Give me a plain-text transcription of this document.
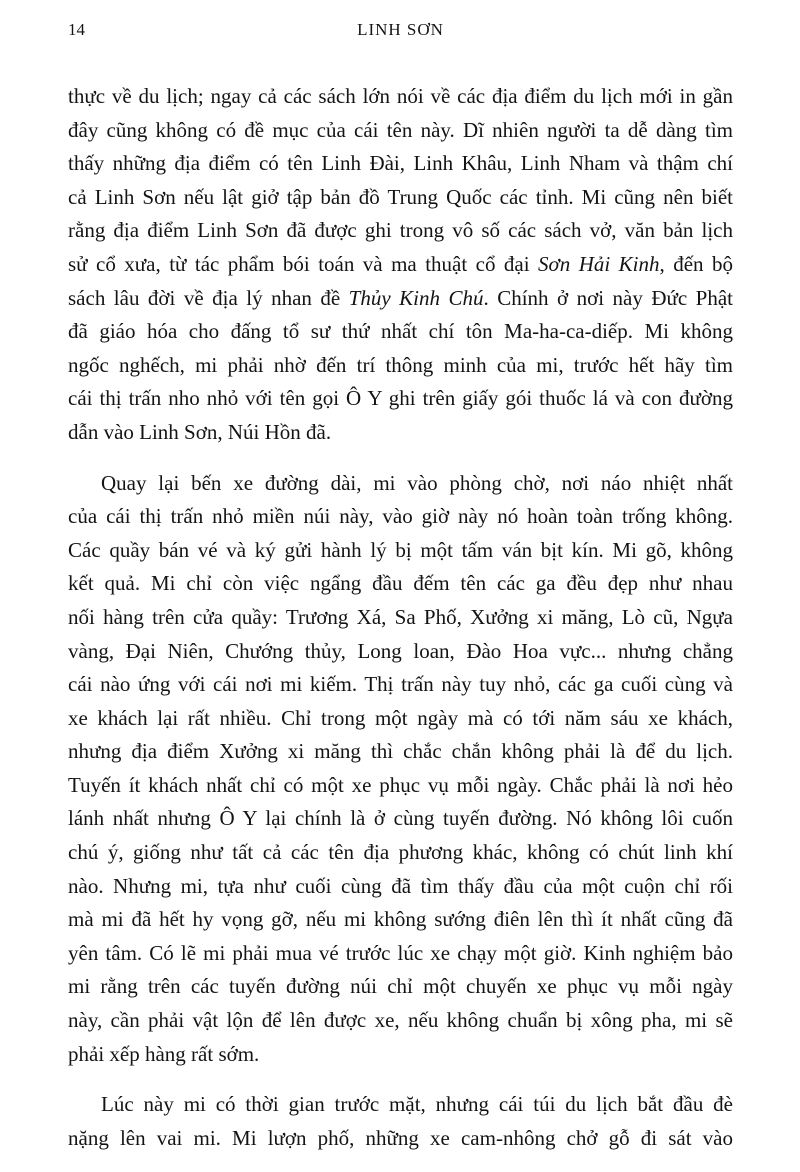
14	LINH SƠN
thực về du lịch; ngay cả các sách lớn nói về các địa điểm du lịch mới in gần
đây cũng không có đề mục của cái tên này. Dĩ nhiên người ta dễ dàng tìm
thấy những địa điểm có tên Linh Đài, Linh Khâu, Linh Nham và thậm chí
cả Linh Sơn nếu lật giở tập bản đồ Trung Quốc các tỉnh. Mi cũng nên biết
rằng địa điểm Linh Sơn đã được ghi trong vô số các sách vở, văn bản lịch
sử cổ xưa, từ tác phẩm bói toán và ma thuật cổ đại Sơn Hải Kinh, đến bộ
sách lâu đời về địa lý nhan đề Thủy Kinh Chú. Chính ở nơi này Đức Phật
đã giáo hóa cho đấng tổ sư thứ nhất chí tôn Ma-ha-ca-diếp. Mi không
ngốc nghếch, mi phải nhờ đến trí thông minh của mi, trước hết hãy tìm
cái thị trấn nho nhỏ với tên gọi Ô Y ghi trên giấy gói thuốc lá và con đường
dẫn vào Linh Sơn, Núi Hồn đã.
Quay lại bến xe đường dài, mi vào phòng chờ, nơi náo nhiệt nhất
của cái thị trấn nhỏ miền núi này, vào giờ này nó hoàn toàn trống không.
Các quầy bán vé và ký gửi hành lý bị một tấm ván bịt kín. Mi gõ, không
kết quả. Mi chỉ còn việc ngẩng đầu đếm tên các ga đều đẹp như nhau
nối hàng trên cửa quầy: Trương Xá, Sa Phố, Xưởng xi măng, Lò cũ, Ngựa
vàng, Đại Niên, Chướng thủy, Long loan, Đào Hoa vực... nhưng chẳng
cái nào ứng với cái nơi mi kiếm. Thị trấn này tuy nhỏ, các ga cuối cùng và
xe khách lại rất nhiều. Chỉ trong một ngày mà có tới năm sáu xe khách,
nhưng địa điểm Xưởng xi măng thì chắc chắn không phải là để du lịch.
Tuyến ít khách nhất chỉ có một xe phục vụ mỗi ngày. Chắc phải là nơi hẻo
lánh nhất nhưng Ô Y lại chính là ở cùng tuyến đường. Nó không lôi cuốn
chú ý, giống như tất cả các tên địa phương khác, không có chút linh khí
nào. Nhưng mi, tựa như cuối cùng đã tìm thấy đầu của một cuộn chỉ rối
mà mi đã hết hy vọng gỡ, nếu mi không sướng điên lên thì ít nhất cũng đã
yên tâm. Có lẽ mi phải mua vé trước lúc xe chạy một giờ. Kinh nghiệm bảo
mi rằng trên các tuyến đường núi chỉ một chuyến xe phục vụ mỗi ngày
này, cần phải vật lộn để lên được xe, nếu không chuẩn bị xông pha, mi sẽ
phải xếp hàng rất sớm.
Lúc này mi có thời gian trước mặt, nhưng cái túi du lịch bắt đầu đè
nặng lên vai mi. Mi lượn phố, những xe cam-nhông chở gỗ đi sát vào
